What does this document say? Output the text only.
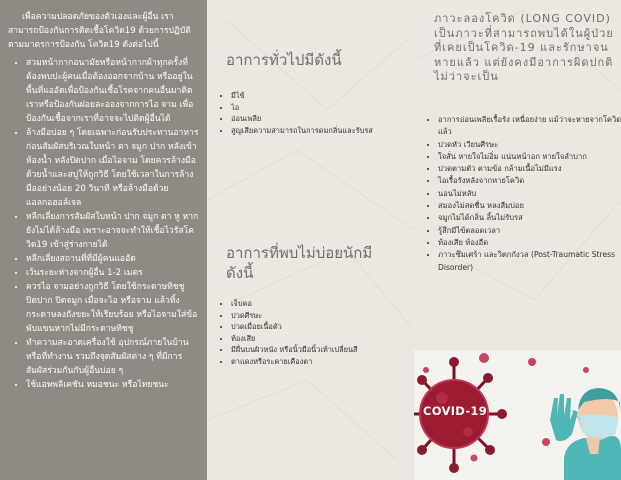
เพื่อความปลอดภัยของตัวเองและผู้อื่น เราสามารถป้องกันการติดเชื้อโควิด19 ด้วยการปฏิบัติตามมาตรการป้องกัน โควิด19 ดังต่อไปนี้

• สวมหน้ากากอนามัยหรือหน้ากากผ้าทุกครั้งที่ต้องพบปะผู้คนเมื่อต้องออกจากบ้าน หรืออยู่ในพื้นที่แออัดเพื่อป้องกันเชื้อโรคจากคนอื่นมาติดเราหรือป้องกันฝอยละอองจากการไอ จาม เพื่อป้องกันเชื้อจากเราที่อาจจะไปติดผู้อื่นได้
• ล้างมือบ่อย ๆ โดยเฉพาะก่อนรับประทานอาหาร ก่อนสัมผัสบริเวณใบหน้า ตา จมูก ปาก หลังเข้าห้องน้ำ หลังปิดปาก เมื่อไอจาม โดยควรล้างมือด้วยน้ำและสบู่ให้ถูกวิธี โดยใช้เวลาในการล้างมืออย่างน้อย 20 วินาที หรือล้างมือด้วยแอลกอฮอล์เจล
• หลีกเลี่ยงการสัมผัสใบหน้า ปาก จมูก ตา หู หากยังไม่ได้ล้างมือ เพราะอาจจะทำให้เชื้อไวรัสโควิด19 เข้าสู่ร่างกายได้
• หลีกเลี่ยงสถานที่ที่มีผู้คนแออัด
• เว้นระยะห่างจากผู้อื่น 1-2 เมตร
• ควรไอ จามอย่างถูกวิธี โดยใช้กระดาษทิชชู ปิดปาก ปิดจมูก เมื่อจะไอ หรือจาม แล้วทิ้งกระดาษลงถังขยะให้เรียบร้อย หรือไอจามใส่ข้อพับแขนหากไม่มีกระดาษทิชชู
• ทำความสะอาดเครื่องใช้ อุปกรณ์ภายในบ้าน หรือที่ทำงาน รวมถึงจุดสัมผัสต่าง ๆ ที่มีการสัมผัสร่วมกันกับผู้อื่นบ่อย ๆ
• ใช้แอพพลิเคชัน หมอชนะ หรือไทยชนะ
อาการทั่วไปมีดังนี้
• มีไข้
• ไอ
• อ่อนเพลีย
• สูญเสียความสามารถในการดมกลิ่นและรับรส
อาการที่พบไม่บ่อยนักมีดังนี้
• เจ็บคอ
• ปวดศีรษะ
• ปวดเมื่อยเนื้อตัว
• ท้องเสีย
• มีผื่นบนผิวหนัง หรือนิ้วมือนิ้วเท้าเปลี่ยนสี
• ตาแดงหรือระคายเคืองตา
ภาวะลองโควิด (LONG COVID) เป็นภาวะที่สามารถพบได้ในผู้ป่วยที่เคยเป็นโควิด-19 และรักษาจนหายแล้ว แต่ยังคงมีอาการผิดปกติ ไม่ว่าจะเป็น
• อาการอ่อนเพลียเรื้อรัง เหนื่อยง่าย แม้ว่าจะหายจากโควิดแล้ว
• ปวดหัว เวียนศีรษะ
• ใจสั่น หายใจไม่อิ่ม แน่นหน้าอก หายใจลำบาก
• ปวดตามตัว ตามข้อ กล้ามเนื้อไม่มีแรง
• ไอเรื้อรังหลังจากหายโควิด
• นอนไม่หลับ
• สมองไม่สดชื่น หลงลืมบ่อย
• จมูกไม่ได้กลิ่น ลิ้นไม่รับรส
• รู้สึกมีไข้ตลอดเวลา
• ท้องเสีย ท้องอืด
• ภาวะซึมเศร้า และวิตกกังวล (Post-Traumatic Stress Disorder)
COVID-19
